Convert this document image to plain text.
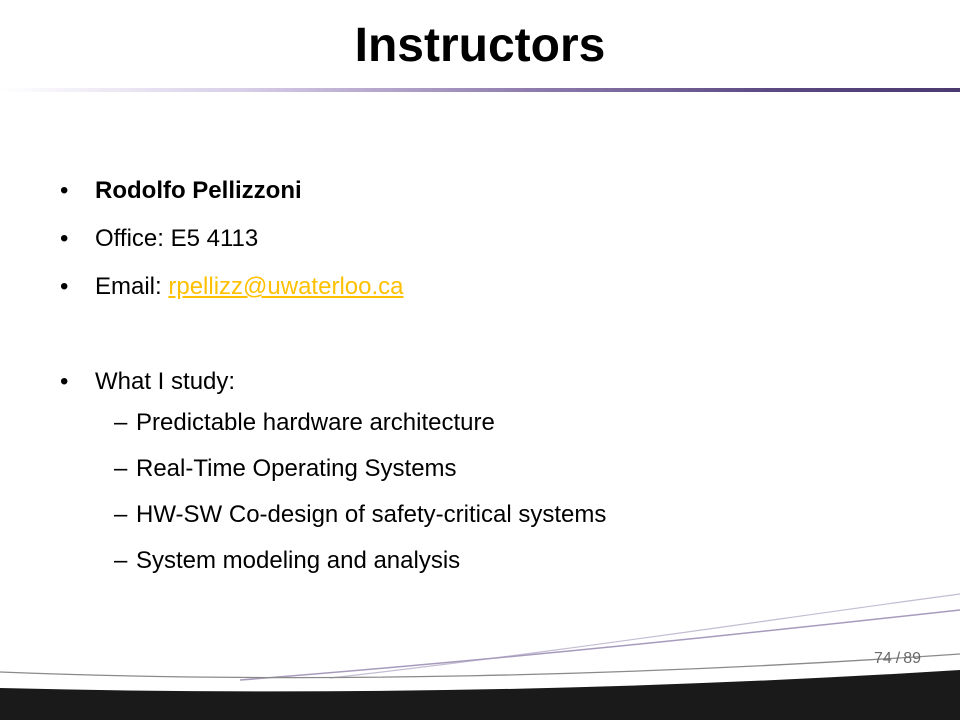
Instructors
• Rodolfo Pellizzoni
• Office: E5 4113
• Email: rpellizz@uwaterloo.ca
• What I study:
– Predictable hardware architecture
– Real-Time Operating Systems
– HW-SW Co-design of safety-critical systems
– System modeling and analysis
74 / 89
